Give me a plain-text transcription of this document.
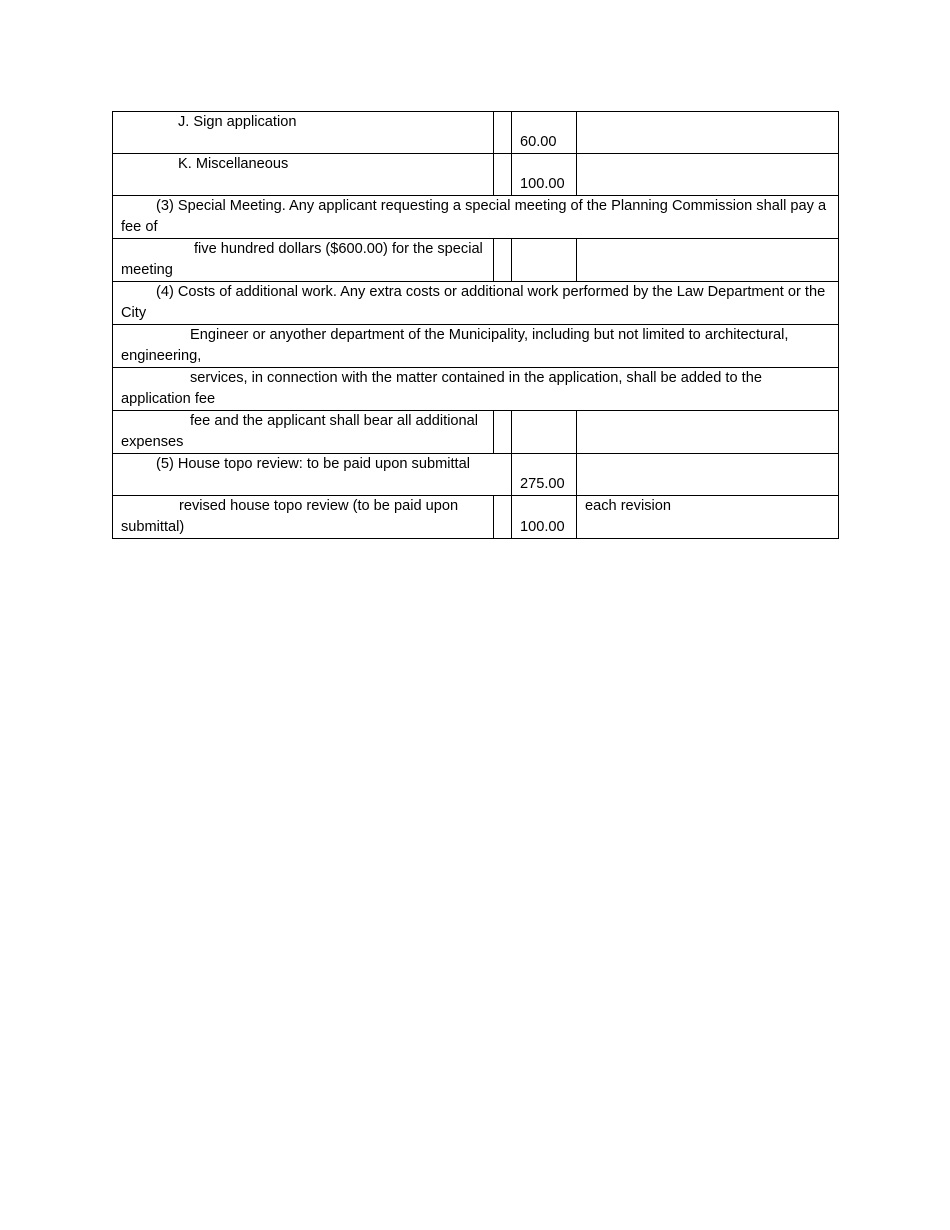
J. Sign application		60.00	
K. Miscellaneous		100.00	
(3) Special Meeting. Any applicant requesting a special meeting of the Planning Commission shall pay a fee of			
five hundred dollars ($600.00) for the special meeting			
(4) Costs of additional work. Any extra costs or additional work performed by the Law Department or the City			
Engineer or anyother department of the Municipality, including but not limited to architectural, engineering,			
services, in connection with the matter contained in the application, shall be added to the application fee			
fee and the applicant shall bear all additional expenses			
(5) House topo review: to be paid upon submittal		275.00	
revised house topo review (to be paid upon submittal)		100.00	each revision
